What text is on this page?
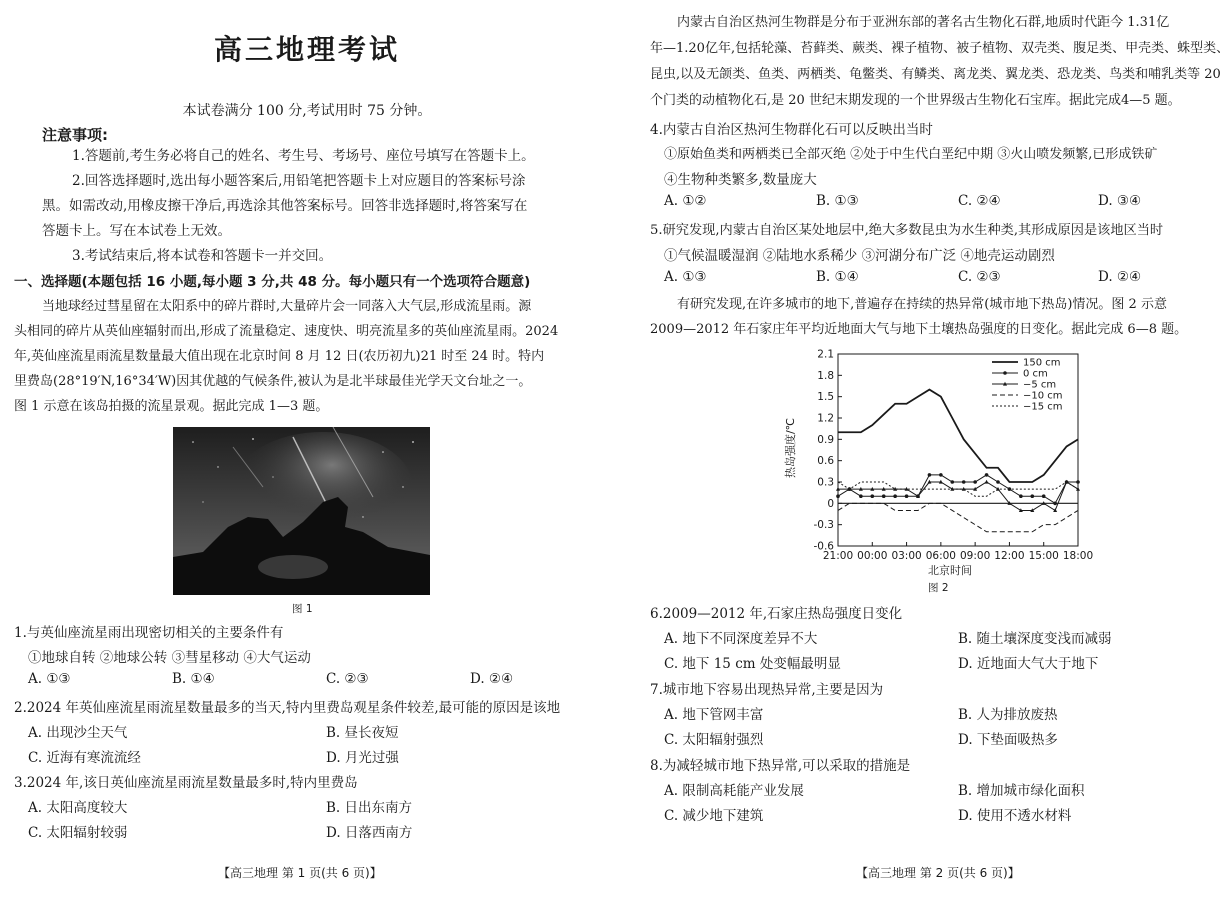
高三地理考试
本试卷满分 100 分,考试用时 75 分钟。
注意事项:
1.答题前,考生务必将自己的姓名、考生号、考场号、座位号填写在答题卡上。
2.回答选择题时,选出每小题答案后,用铅笔把答题卡上对应题目的答案标号涂
黑。如需改动,用橡皮擦干净后,再选涂其他答案标号。回答非选择题时,将答案写在
答题卡上。写在本试卷上无效。
3.考试结束后,将本试卷和答题卡一并交回。
一、选择题(本题包括 16 小题,每小题 3 分,共 48 分。每小题只有一个选项符合题意)
当地球经过彗星留在太阳系中的碎片群时,大量碎片会一同落入大气层,形成流星雨。源
头相同的碎片从英仙座辐射而出,形成了流量稳定、速度快、明亮流星多的英仙座流星雨。2024
年,英仙座流星雨流星数量最大值出现在北京时间 8 月 12 日(农历初九)21 时至 24 时。特内
里费岛(28°19′N,16°34′W)因其优越的气候条件,被认为是北半球最佳光学天文台址之一。
图 1 示意在该岛拍摄的流星景观。据此完成 1—3 题。
图 1
1.与英仙座流星雨出现密切相关的主要条件有
①地球自转 ②地球公转 ③彗星移动 ④大气运动
A. ①③	B. ①④	C. ②③	D. ②④
2.2024 年英仙座流星雨流星数量最多的当天,特内里费岛观星条件较差,最可能的原因是该地
A. 出现沙尘天气	B. 昼长夜短
C. 近海有寒流流经	D. 月光过强
3.2024 年,该日英仙座流星雨流星数量最多时,特内里费岛
A. 太阳高度较大	B. 日出东南方
C. 太阳辐射较弱	D. 日落西南方
【高三地理 第 1 页(共 6 页)】
内蒙古自治区热河生物群是分布于亚洲东部的著名古生物化石群,地质时代距今 1.31亿
年—1.20亿年,包括轮藻、苔藓类、蕨类、裸子植物、被子植物、双壳类、腹足类、甲壳类、蛛型类、
昆虫,以及无颌类、鱼类、两栖类、龟鳖类、有鳞类、离龙类、翼龙类、恐龙类、鸟类和哺乳类等 20
个门类的动植物化石,是 20 世纪末期发现的一个世界级古生物化石宝库。据此完成4—5 题。
4.内蒙古自治区热河生物群化石可以反映出当时
①原始鱼类和两栖类已全部灭绝 ②处于中生代白垩纪中期 ③火山喷发频繁,已形成铁矿
④生物种类繁多,数量庞大
A. ①②	B. ①③	C. ②④	D. ③④
5.研究发现,内蒙古自治区某处地层中,绝大多数昆虫为水生种类,其形成原因是该地区当时
①气候温暖湿润 ②陆地水系稀少 ③河湖分布广泛 ④地壳运动剧烈
A. ①③	B. ①④	C. ②③	D. ②④
有研究发现,在许多城市的地下,普遍存在持续的热异常(城市地下热岛)情况。图 2 示意
2009—2012 年石家庄年平均近地面大气与地下土壤热岛强度的日变化。据此完成 6—8 题。
热岛强度/℃
北京时间
2.1
1.8
1.5
1.2
0.9
0.6
0.3
0
-0.3
-0.6
21:00 00:00 03:00 06:00 09:00 12:00 15:00 18:00
150 cm
0 cm
−5 cm
−10 cm
−15 cm
图 2
6.2009—2012 年,石家庄热岛强度日变化
A. 地下不同深度差异不大	B. 随土壤深度变浅而减弱
C. 地下 15 cm 处变幅最明显	D. 近地面大气大于地下
7.城市地下容易出现热异常,主要是因为
A. 地下管网丰富	B. 人为排放废热
C. 太阳辐射强烈	D. 下垫面吸热多
8.为减轻城市地下热异常,可以采取的措施是
A. 限制高耗能产业发展	B. 增加城市绿化面积
C. 减少地下建筑	D. 使用不透水材料
【高三地理 第 2 页(共 6 页)】
